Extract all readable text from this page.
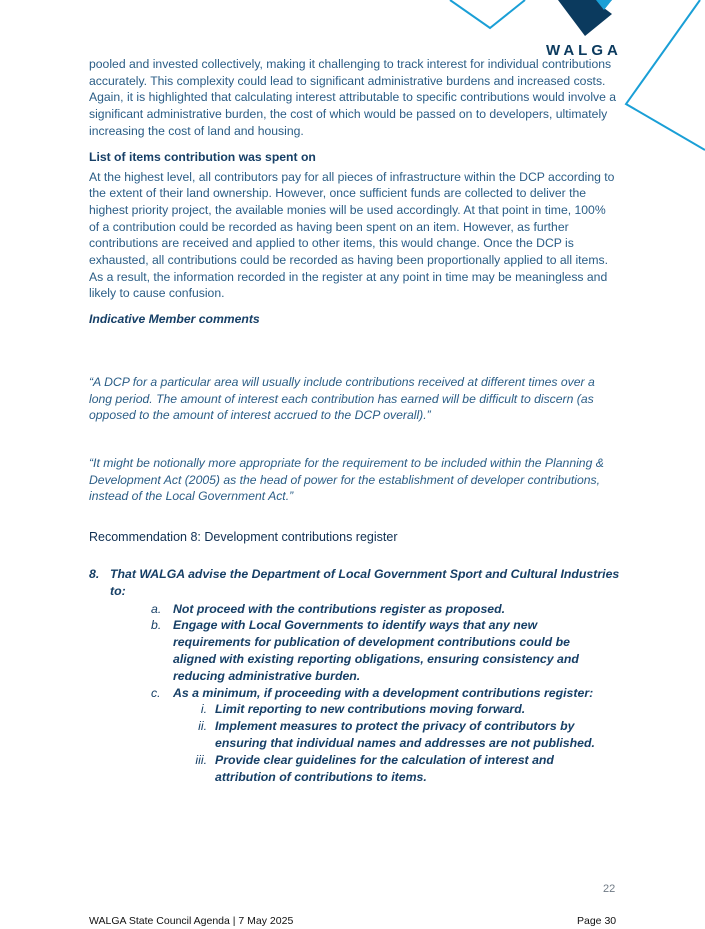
WALGA

pooled and invested collectively, making it challenging to track interest for individual contributions accurately. This complexity could lead to significant administrative burdens and increased costs. Again, it is highlighted that calculating interest attributable to specific contributions would involve a significant administrative burden, the cost of which would be passed on to developers, ultimately increasing the cost of land and housing.

List of items contribution was spent on

At the highest level, all contributors pay for all pieces of infrastructure within the DCP according to the extent of their land ownership. However, once sufficient funds are collected to deliver the highest priority project, the available monies will be used accordingly. At that point in time, 100% of a contribution could be recorded as having been spent on an item. However, as further contributions are received and applied to other items, this would change. Once the DCP is exhausted, all contributions could be recorded as having been proportionally applied to all items. As a result, the information recorded in the register at any point in time may be meaningless and likely to cause confusion.

Indicative Member comments

“A DCP for a particular area will usually include contributions received at different times over a long period. The amount of interest each contribution has earned will be difficult to discern (as opposed to the amount of interest accrued to the DCP overall).”

“It might be notionally more appropriate for the requirement to be included within the Planning & Development Act (2005) as the head of power for the establishment of developer contributions, instead of the Local Government Act.”

Recommendation 8: Development contributions register
8. That WALGA advise the Department of Local Government Sport and Cultural Industries to:
a. Not proceed with the contributions register as proposed.
b. Engage with Local Governments to identify ways that any new requirements for publication of development contributions could be aligned with existing reporting obligations, ensuring consistency and reducing administrative burden.
c. As a minimum, if proceeding with a development contributions register:
i. Limit reporting to new contributions moving forward.
ii. Implement measures to protect the privacy of contributors by ensuring that individual names and addresses are not published.
iii. Provide clear guidelines for the calculation of interest and attribution of contributions to items.
22
WALGA State Council Agenda | 7 May 2025	Page 30
